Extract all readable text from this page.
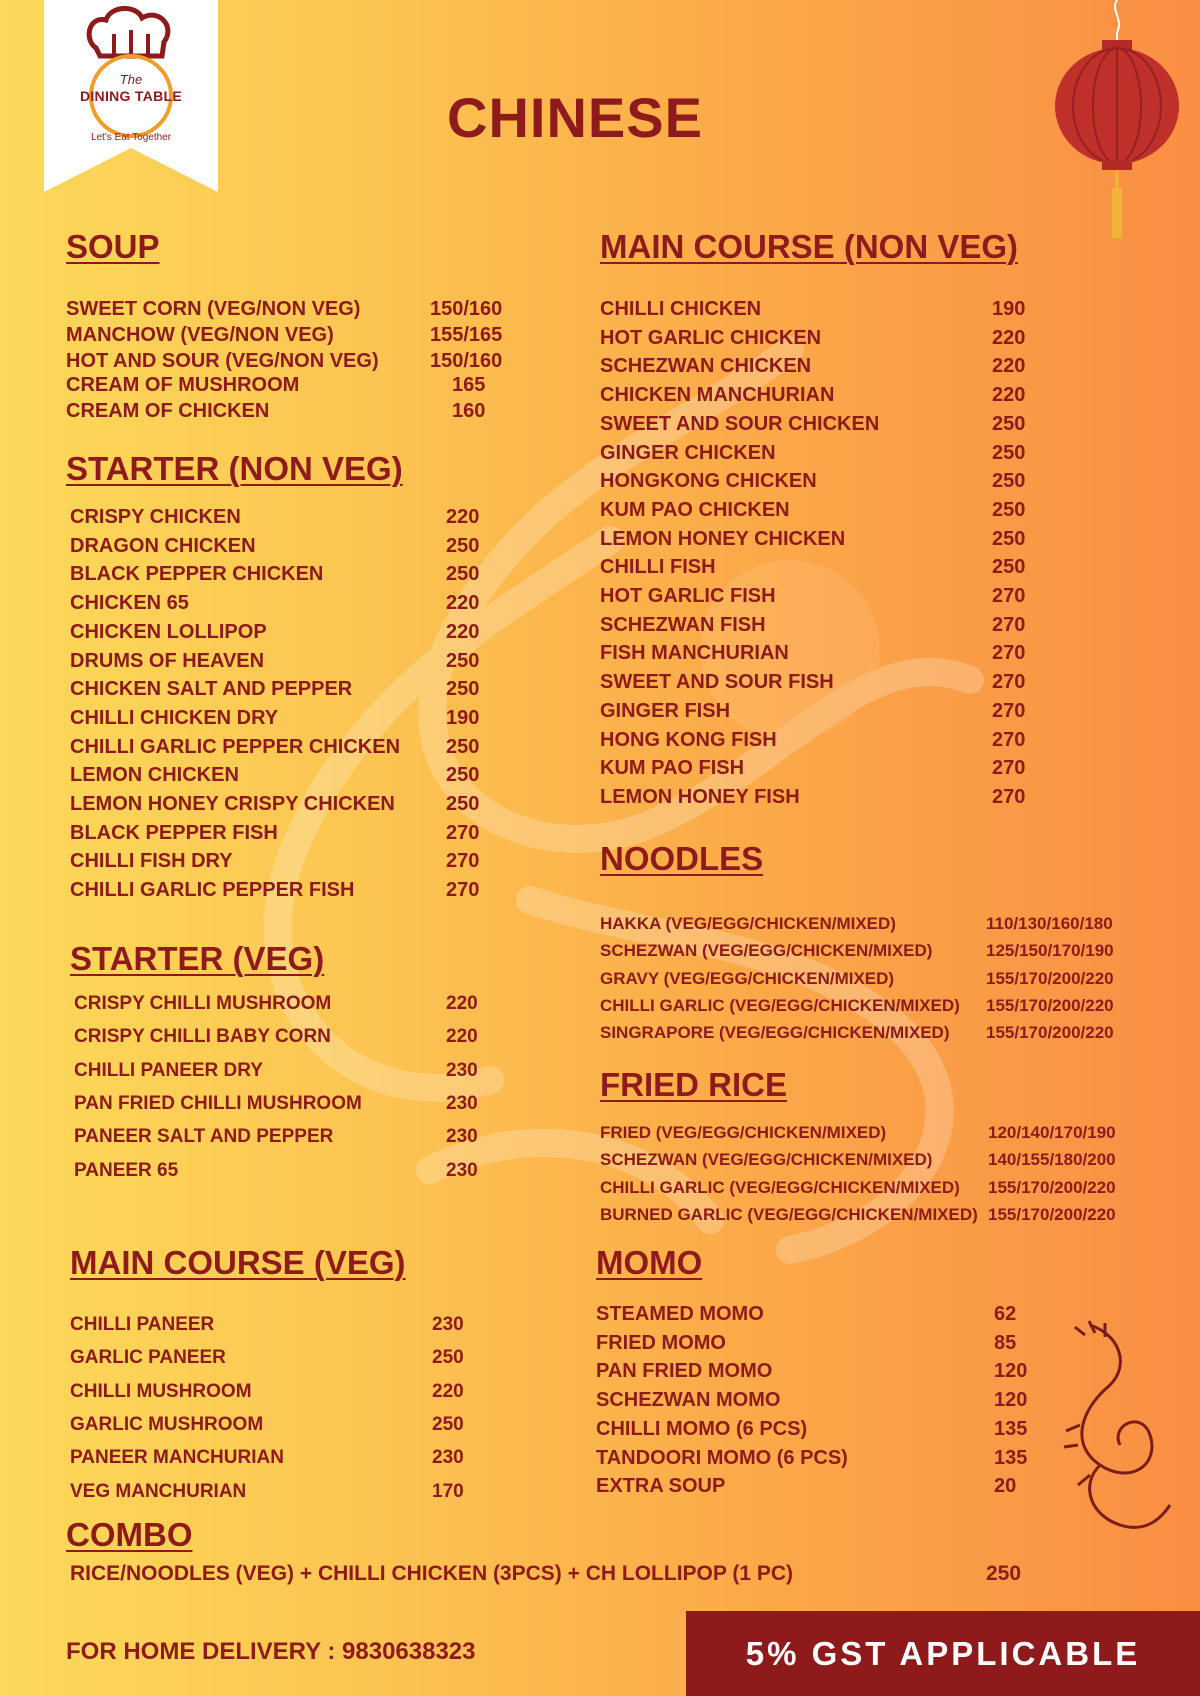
The
DINING TABLE
Let's Eat Together	CHINESE
SOUP
SWEET CORN (VEG/NON VEG)	150/160
MANCHOW (VEG/NON VEG)	155/165
HOT AND SOUR (VEG/NON VEG)	150/160
CREAM OF MUSHROOM	165
CREAM OF CHICKEN	160
STARTER (NON VEG)
STARTER (VEG)
MAIN COURSE (VEG)
COMBO
RICE/NOODLES (VEG) + CHILLI CHICKEN (3PCS) + CH LOLLIPOP (1 PC)	250
MAIN COURSE (NON VEG)
NOODLES
FRIED RICE
MOMO
FOR HOME DELIVERY : 9830638323	5% GST APPLICABLE
CRISPY CHICKEN	220
DRAGON CHICKEN	250
BLACK PEPPER CHICKEN	250
CHICKEN 65	220
CHICKEN LOLLIPOP	220
DRUMS OF HEAVEN	250
CHICKEN SALT AND PEPPER	250
CHILLI CHICKEN DRY	190
CHILLI GARLIC PEPPER CHICKEN 250
LEMON CHICKEN	250
LEMON HONEY CRISPY CHICKEN	250
BLACK PEPPER FISH	270
CHILLI FISH DRY	270
CHILLI GARLIC PEPPER FISH	270
CRISPY CHILLI MUSHROOM	220
CRISPY CHILLI BABY CORN	220
CHILLI PANEER DRY	230
PAN FRIED CHILLI MUSHROOM	230
PANEER SALT AND PEPPER	230
PANEER 65	230
CHILLI PANEER	230
GARLIC PANEER	250
CHILLI MUSHROOM	220
GARLIC MUSHROOM	250
PANEER MANCHURIAN	230
VEG MANCHURIAN	170
CHILLI CHICKEN	190
HOT GARLIC CHICKEN	220
SCHEZWAN CHICKEN	220
CHICKEN MANCHURIAN	220
SWEET AND SOUR CHICKEN	250
GINGER CHICKEN	250
HONGKONG CHICKEN	250
KUM PAO CHICKEN	250
LEMON HONEY CHICKEN	250
CHILLI FISH	250
HOT GARLIC FISH	270
SCHEZWAN FISH	270
FISH MANCHURIAN	270
SWEET AND SOUR FISH	270
GINGER FISH	270
HONG KONG FISH	270
KUM PAO FISH	270
LEMON HONEY FISH	270
HAKKA (VEG/EGG/CHICKEN/MIXED)	110/130/160/180
SCHEZWAN (VEG/EGG/CHICKEN/MIXED)	125/150/170/190
GRAVY (VEG/EGG/CHICKEN/MIXED)	155/170/200/220
CHILLI GARLIC (VEG/EGG/CHICKEN/MIXED) 155/170/200/220
SINGRAPORE (VEG/EGG/CHICKEN/MIXED) 155/170/200/220
FRIED (VEG/EGG/CHICKEN/MIXED)	120/140/170/190
SCHEZWAN (VEG/EGG/CHICKEN/MIXED)	140/155/180/200
CHILLI GARLIC (VEG/EGG/CHICKEN/MIXED) 155/170/200/220
BURNED GARLIC (VEG/EGG/CHICKEN/MIXED) 155/170/200/220
STEAMED MOMO	62
FRIED MOMO	85
PAN FRIED MOMO	120
SCHEZWAN MOMO	120
CHILLI MOMO (6 PCS)	135
TANDOORI MOMO (6 PCS)	135
EXTRA SOUP	20
